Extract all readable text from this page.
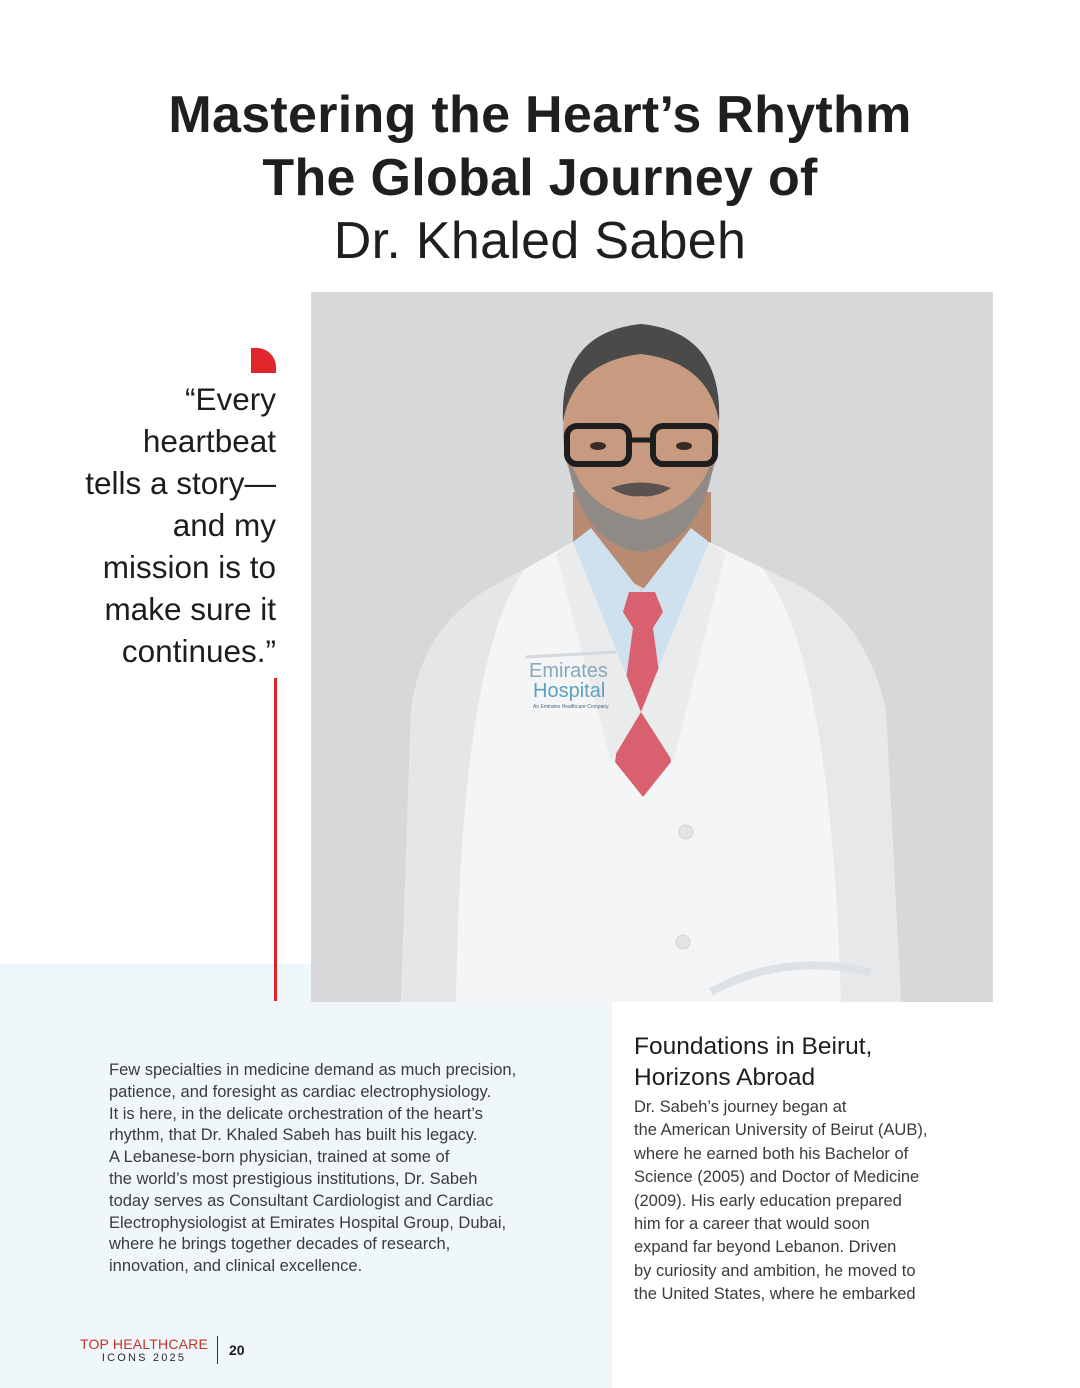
Mastering the Heart’s Rhythm
The Global Journey of
Dr. Khaled Sabeh
Emirates
Hospital
An Emirates Healthcare Company

“Every
heartbeat
tells a story—
and my
mission is to
make sure it
continues.”

Few specialties in medicine demand as much precision,
patience, and foresight as cardiac electrophysiology.
It is here, in the delicate orchestration of the heart’s
rhythm, that Dr. Khaled Sabeh has built his legacy.
A Lebanese-born physician, trained at some of
the world’s most prestigious institutions, Dr. Sabeh
today serves as Consultant Cardiologist and Cardiac
Electrophysiologist at Emirates Hospital Group, Dubai,
where he brings together decades of research,
innovation, and clinical excellence.

Foundations in Beirut,
Horizons Abroad

Dr. Sabeh’s journey began at
the American University of Beirut (AUB),
where he earned both his Bachelor of
Science (2005) and Doctor of Medicine
(2009). His early education prepared
him for a career that would soon
expand far beyond Lebanon. Driven
by curiosity and ambition, he moved to
the United States, where he embarked

TOP HEALTHCARE
ICONS 2025	20
